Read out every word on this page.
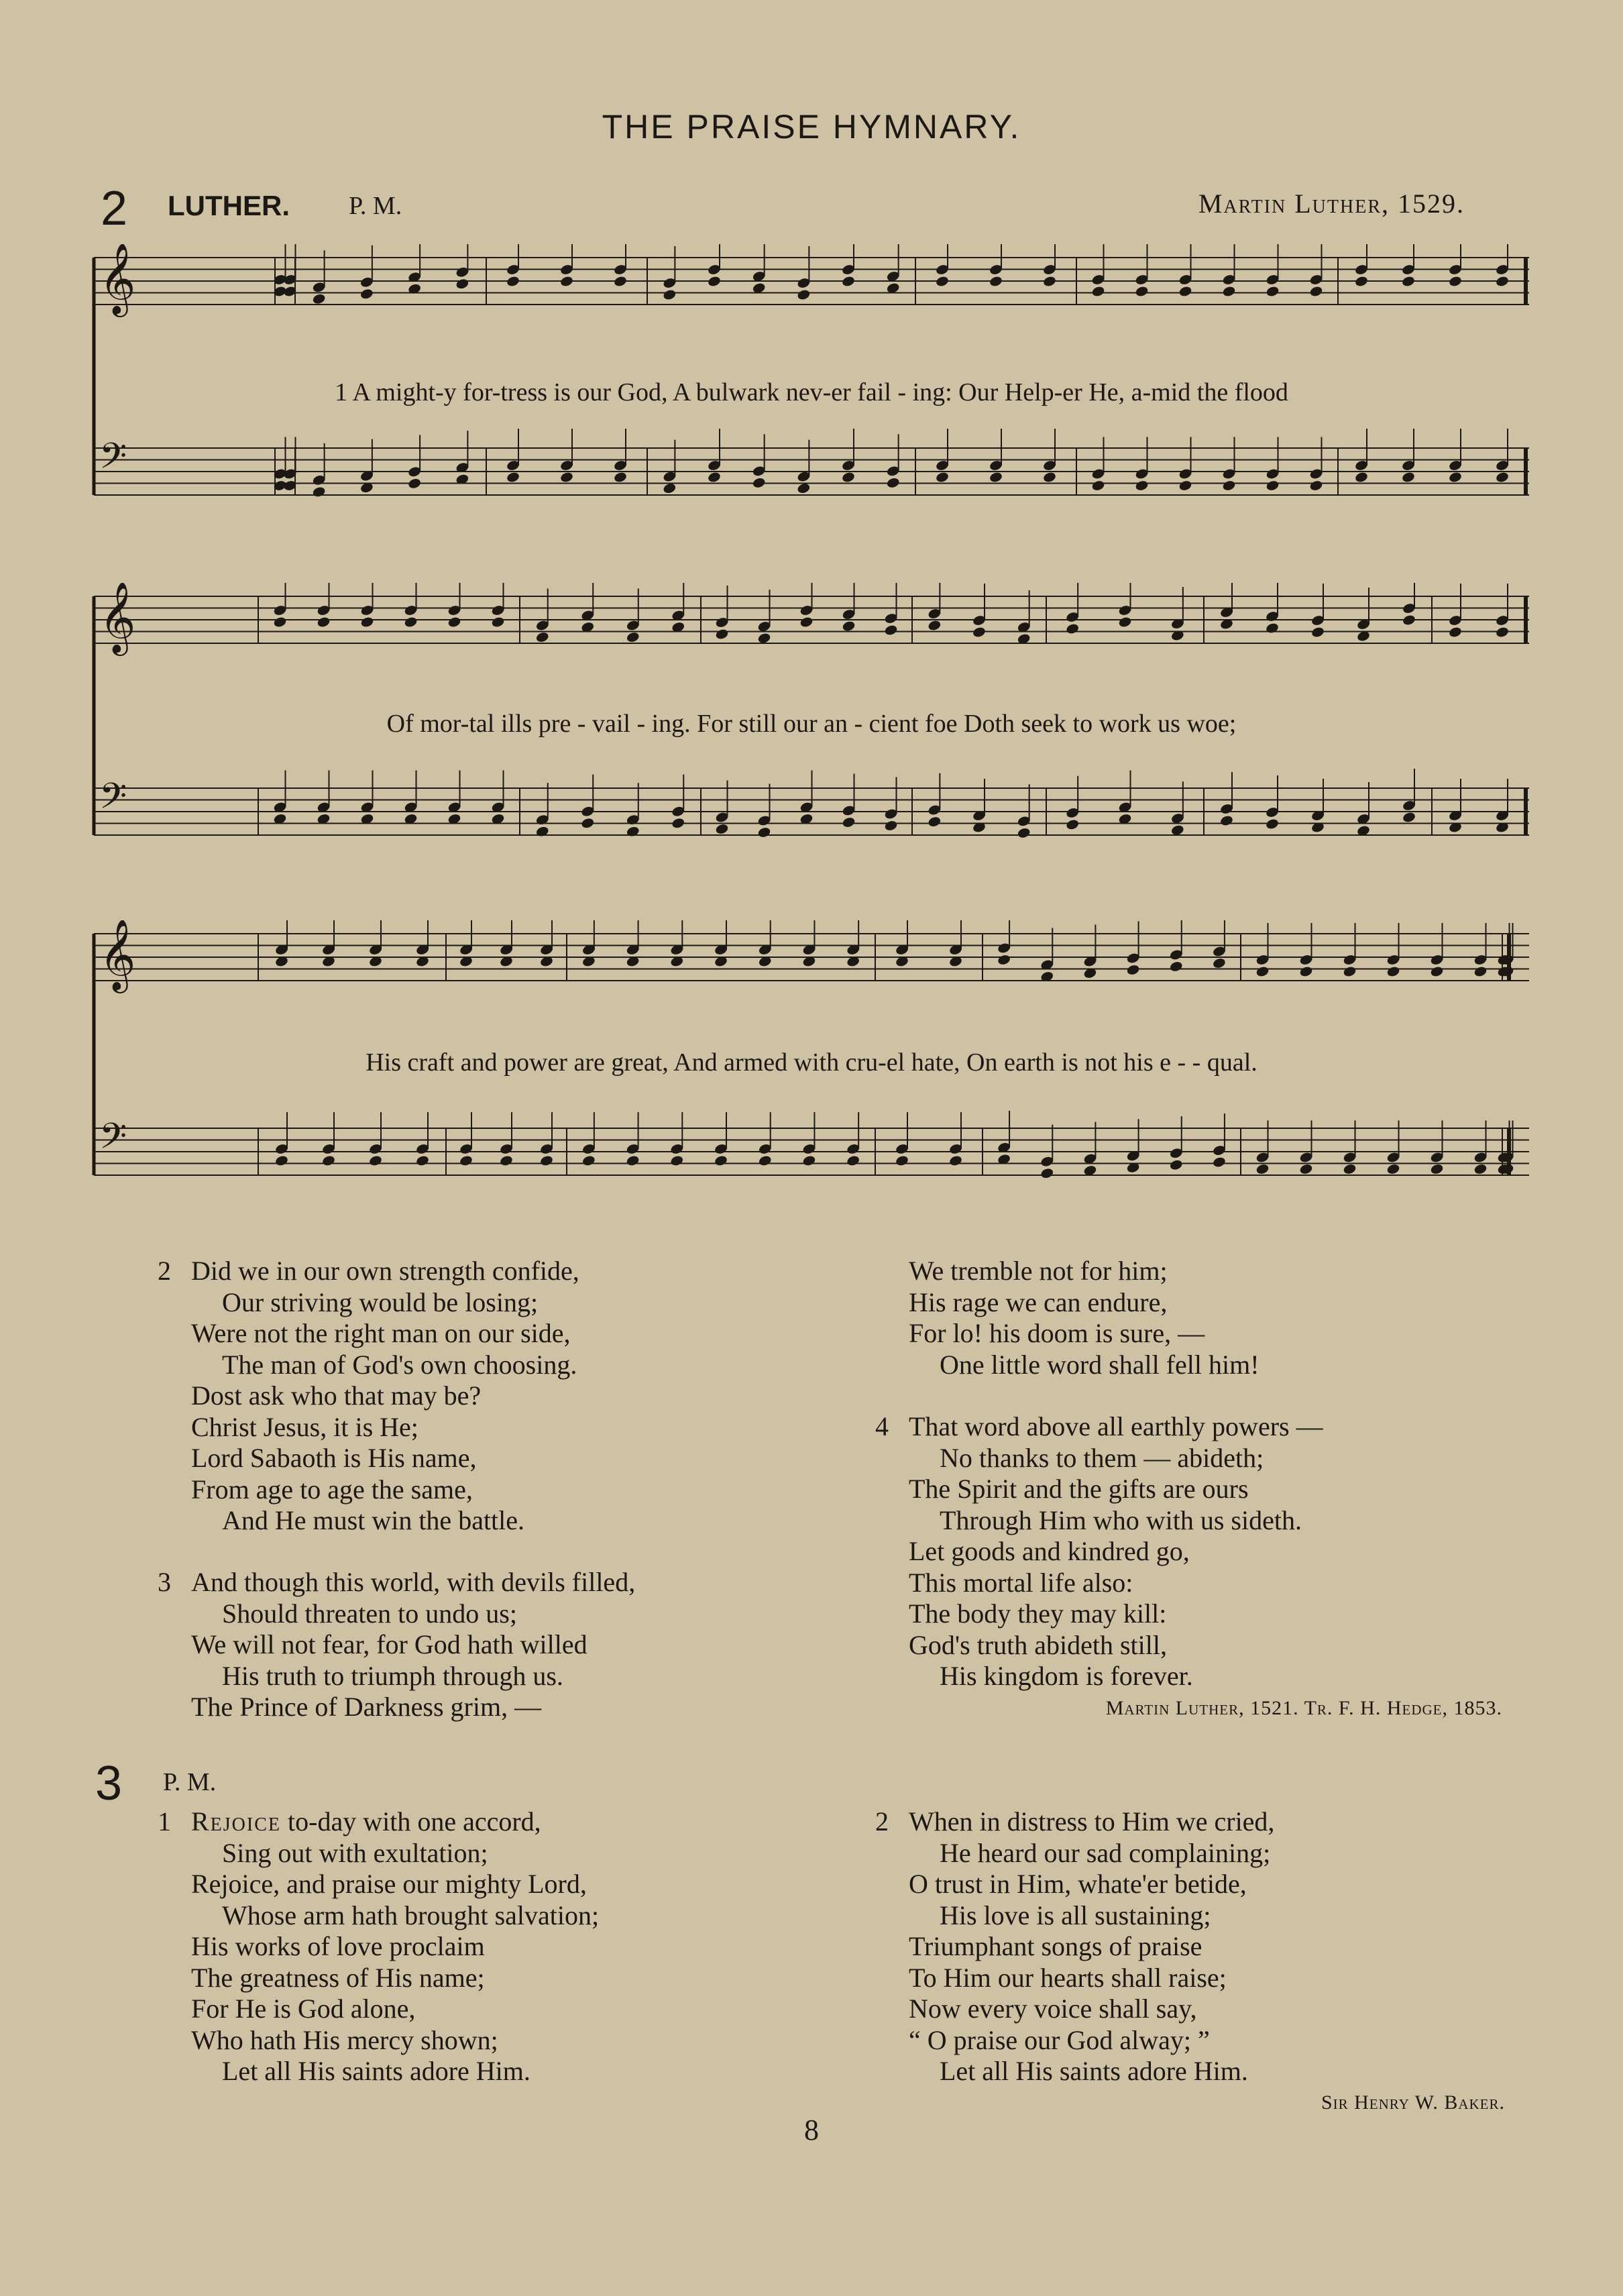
THE PRAISE HYMNARY.
2 LUTHER. P. M.	Martin Luther, 1529.
𝄞
𝄢
𝄞
𝄢
𝄞
𝄢
1 A might-y for-tress is our God, A bulwark nev-er fail - ing: Our Help-er He, a-mid the flood
Of mor-tal ills pre - vail - ing. For still our an - cient foe Doth seek to work us woe;
His craft and power are great, And armed with cru-el hate, On earth is not his e - - qual.
2 Did we in our own strength confide,
Our striving would be losing;
Were not the right man on our side,
The man of God's own choosing.
Dost ask who that may be?
Christ Jesus, it is He;
Lord Sabaoth is His name,
From age to age the same,
And He must win the battle.
3 And though this world, with devils filled,
Should threaten to undo us;
We will not fear, for God hath willed
His truth to triumph through us.
The Prince of Darkness grim, —
We tremble not for him;
His rage we can endure,
For lo! his doom is sure, —
One little word shall fell him!
4 That word above all earthly powers —
No thanks to them — abideth;
The Spirit and the gifts are ours
Through Him who with us sideth.
Let goods and kindred go,
This mortal life also:
The body they may kill:
God's truth abideth still,
His kingdom is forever.
Martin Luther, 1521. Tr. F. H. Hedge, 1853.
3 P. M.
1 Rejoice to-day with one accord,
Sing out with exultation;
Rejoice, and praise our mighty Lord,
Whose arm hath brought salvation;
His works of love proclaim
The greatness of His name;
For He is God alone,
Who hath His mercy shown;
Let all His saints adore Him.
2 When in distress to Him we cried,
He heard our sad complaining;
O trust in Him, whate'er betide,
His love is all sustaining;
Triumphant songs of praise
To Him our hearts shall raise;
Now every voice shall say,
“ O praise our God alway; ”
Let all His saints adore Him.
Sir Henry W. Baker.
8
